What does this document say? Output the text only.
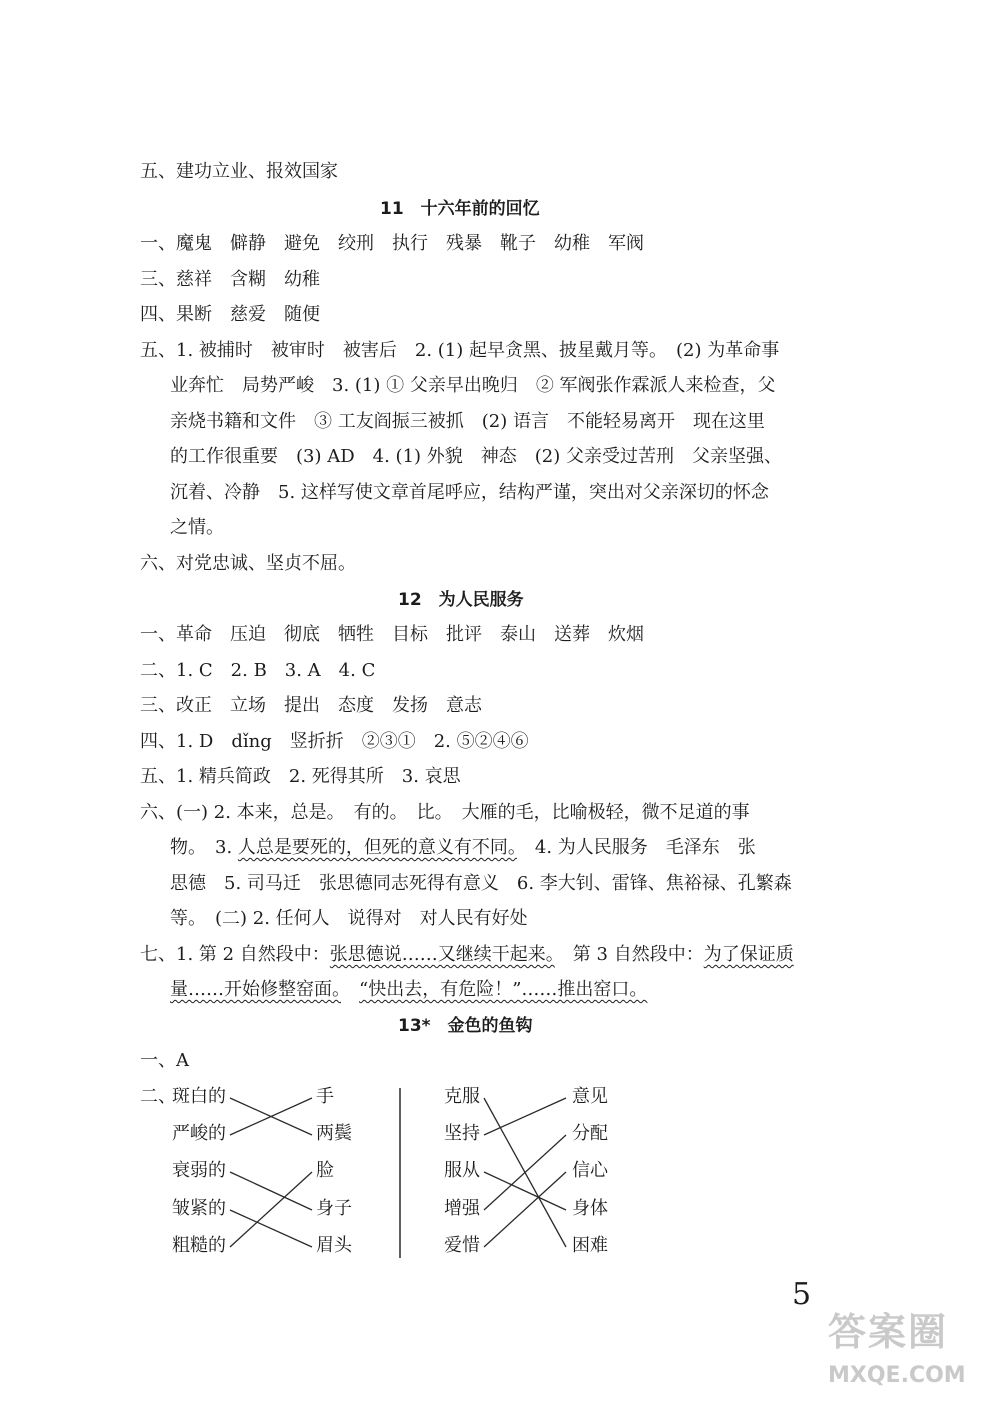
五、建功立业、报效国家
11　十六年前的回忆
一、魔鬼　僻静　避免　绞刑　执行　残暴　靴子　幼稚　军阀
三、慈祥　含糊　幼稚
四、果断　慈爱　随便
五、1. 被捕时　被审时　被害后　2. (1) 起早贪黑、披星戴月等。　(2) 为革命事
业奔忙　局势严峻　3. (1) ① 父亲早出晚归　② 军阀张作霖派人来检查，父
亲烧书籍和文件　③ 工友阎振三被抓　(2) 语言　不能轻易离开　现在这里
的工作很重要　(3) AD　4. (1) 外貌　神态　(2) 父亲受过苦刑　父亲坚强、
沉着、冷静　5. 这样写使文章首尾呼应，结构严谨，突出对父亲深切的怀念
之情。
六、对党忠诚、坚贞不屈。
12　为人民服务
一、革命　压迫　彻底　牺牲　目标　批评　泰山　送葬　炊烟
二、1. C　2. B　3. A　4. C
三、改正　立场　提出　态度　发扬　意志
四、1. D　dǐng　竖折折　②③①　2. ⑤②④⑥
五、1. 精兵简政　2. 死得其所　3. 哀思
六、(一) 2. 本来，总是。　有的。　比。　大雁的毛，比喻极轻，微不足道的事
物。　3. 人总是要死的，但死的意义有不同。　4. 为人民服务　毛泽东　张
思德　5. 司马迁　张思德同志死得有意义　6. 李大钊、雷锋、焦裕禄、孔繁森
等。　(二) 2. 任何人　说得对　对人民有好处
七、1. 第 2 自然段中：张思德说……又继续干起来。　第 3 自然段中：为了保证质
量……开始修整窑面。　 “快出去，有危险！”……推出窑口。
13*　金色的鱼钩
一、A
二、
斑白的
严峻的
衰弱的
皱紧的
粗糙的
手
两鬓
脸
身子
眉头
克服
坚持
服从
增强
爱惜
意见
分配
信心
身体
困难
5
答案圈
MXQE.COM
